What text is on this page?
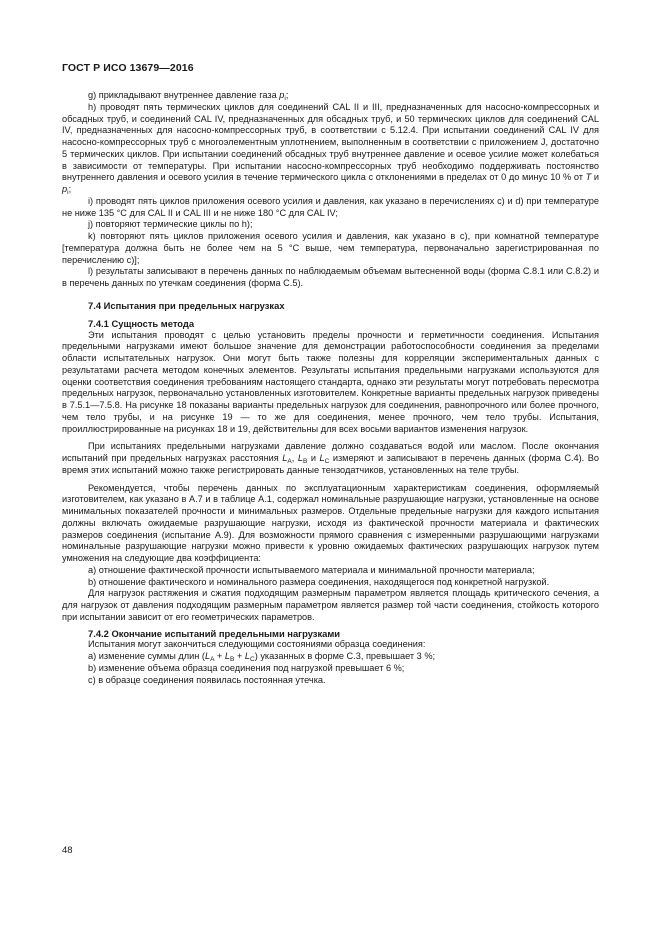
ГОСТ Р ИСО 13679—2016

g) прикладывают внутреннее давление газа $p_i$;

h) проводят пять термических циклов для соединений CAL II и III, предназначенных для насосно-компрессорных и обсадных труб, и соединений CAL IV, предназначенных для обсадных труб, и 50 термических циклов для соединений CAL IV, предназначенных для насосно-компрессорных труб, в соответствии с 5.12.4. При испытании соединений CAL IV для насосно-компрессорных труб с многоэлементным уплотнением, выполненным в соответствии с приложением J, достаточно 5 термических циклов. При испытании соединений обсадных труб внутреннее давление и осевое усилие может колебаться в зависимости от температуры. При испытании насосно-компрессорных труб необходимо поддерживать постоянство внутреннего давления и осевого усилия в течение термического цикла с отклонениями в пределах от 0 до минус 10 % от T и $p_i$;

i) проводят пять циклов приложения осевого усилия и давления, как указано в перечислениях с) и d) при температуре не ниже 135 °С для CAL II и CAL III и не ниже 180 °С для CAL IV;

j) повторяют термические циклы по h);

k) повторяют пять циклов приложения осевого усилия и давления, как указано в с), при комнатной температуре [температура должна быть не более чем на 5 °С выше, чем температура, первоначально зарегистрированная по перечислению с)];

l) результаты записывают в перечень данных по наблюдаемым объемам вытесненной воды (формa С.8.1 или С.8.2) и в перечень данных по утечкам соединения (форма С.5).

7.4 Испытания при предельных нагрузках
7.4.1 Сущность метода

Эти испытания проводят с целью установить пределы прочности и герметичности соединения. Испытания предельными нагрузками имеют большое значение для демонстрации работоспособности соединения за пределами области испытательных нагрузок. Они могут быть также полезны для корреляции экспериментальных данных с результатами расчета методом конечных элементов. Результаты испытания предельными нагрузками используются для оценки соответствия соединения требованиям настоящего стандарта, однако эти результаты могут потребовать пересмотра предельных нагрузок, первоначально установленных изготовителем. Конкретные варианты предельных нагрузок приведены в 7.5.1—7.5.8. На рисунке 18 показаны варианты предельных нагрузок для соединения, равнопрочного или более прочного, чем тело трубы, и на рисунке 19 — то же для соединения, менее прочного, чем тело трубы. Испытания, проиллюстрированные на рисунках 18 и 19, действительны для всех восьми вариантов изменения нагрузок.

При испытаниях предельными нагрузками давление должно создаваться водой или маслом. После окончания испытаний при предельных нагрузках расстояния $L_A$, $L_B$ и $L_C$ измеряют и записывают в перечень данных (форма С.4). Во время этих испытаний можно также регистрировать данные тензодатчиков, установленных на теле трубы.

Рекомендуется, чтобы перечень данных по эксплуатационным характеристикам соединения, оформляемый изготовителем, как указано в А.7 и в таблице А.1, содержал номинальные разрушающие нагрузки, установленные на основе минимальных показателей прочности и минимальных размеров. Отдельные предельные нагрузки для каждого испытания должны включать ожидаемые разрушающие нагрузки, исходя из фактической прочности материала и фактических размеров соединения (испытание А.9). Для возможности прямого сравнения с измеренными разрушающими нагрузками номинальные разрушающие нагрузки можно привести к уровню ожидаемых фактических разрушающих нагрузок путем умножения на следующие два коэффициента:

а) отношение фактической прочности испытываемого материала и минимальной прочности материала;

b) отношение фактического и номинального размера соединения, находящегося под конкретной нагрузкой.

Для нагрузок растяжения и сжатия подходящим размерным параметром является площадь критического сечения, а для нагрузок от давления подходящим размерным параметром является размер той части соединения, стойкость которого при испытании зависит от его геометрических параметров.

7.4.2 Окончание испытаний предельными нагрузками

Испытания могут закончиться следующими состояниями образца соединения:

а) изменение суммы длин $(L_A + L_B + L_C)$ указанных в форме С.3, превышает 3 %;

b) изменение объема образца соединения под нагрузкой превышает 6 %;

с) в образце соединения появилась постоянная утечка.

48
